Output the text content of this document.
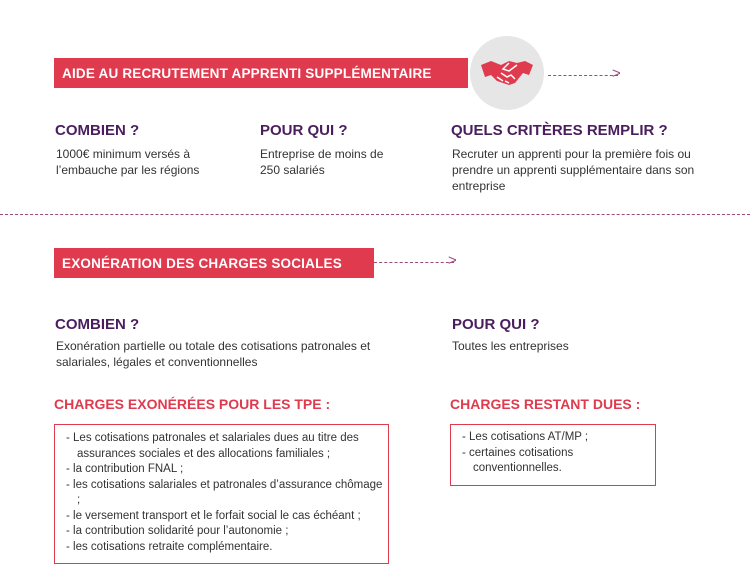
AIDE AU RECRUTEMENT APPRENTI SUPPLÉMENTAIRE	>
COMBIEN ?
1000€ minimum versés à l’embauche par les régions
POUR QUI ?
Entreprise de moins de 250 salariés
QUELS CRITÈRES REMPLIR ?
Recruter un apprenti pour la première fois ou prendre un apprenti supplémentaire dans son entreprise
EXONÉRATION DES CHARGES SOCIALES	>
COMBIEN ?
Exonération partielle ou totale des cotisations patronales et salariales, légales et conventionnelles
POUR QUI ?
Toutes les entreprises
CHARGES EXONÉRÉES POUR LES TPE :	CHARGES RESTANT DUES :
- Les cotisations patronales et salariales dues au titre des assurances sociales et des allocations familiales ;
- la contribution FNAL ;
- les cotisations salariales et patronales d’assurance chômage ;
- le versement transport et le forfait social le cas échéant ;
- la contribution solidarité pour l’autonomie ;
- les cotisations retraite complémentaire.
- Les cotisations AT/MP ;
- certaines cotisations conventionnelles.
